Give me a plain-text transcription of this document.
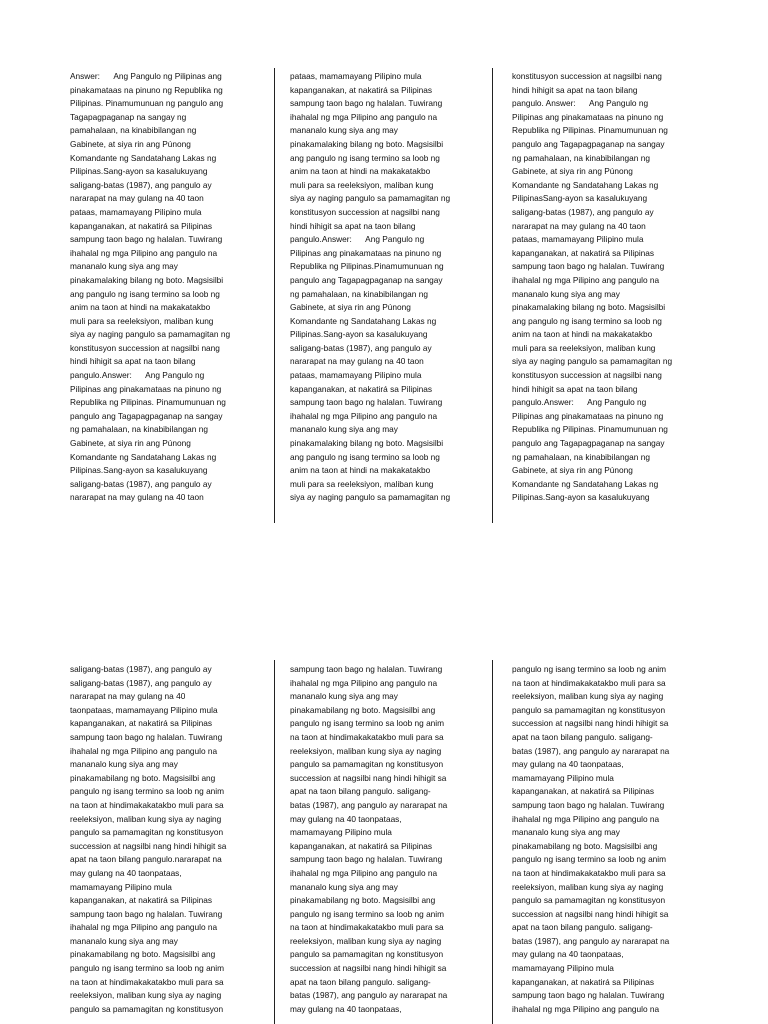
Answer:      Ang Pangulo ng Pilipinas ang
pinakamataas na pinuno ng Republika ng
Pilipinas. Pinamumunuan ng pangulo ang
Tagapagpaganap na sangay ng
pamahalaan, na kinabibilangan ng
Gabinete, at siya rin ang Púnong
Komandante ng Sandatahang Lakas ng
Pilipinas.Sang-ayon sa kasalukuyang
saligang-batas (1987), ang pangulo ay
nararapat na may gulang na 40 taon
pataas, mamamayang Pilipino mula
kapanganakan, at nakatirá sa Pilipinas
sampung taon bago ng halalan. Tuwirang
ihahalal ng mga Pilipino ang pangulo na
mananalo kung siya ang may
pinakamalaking bilang ng boto. Magsisilbi
ang pangulo ng isang termino sa loob ng
anim na taon at hindi na makakatakbo
muli para sa reeleksiyon, maliban kung
siya ay naging pangulo sa pamamagitan ng
konstitusyon succession at nagsilbi nang
hindi hihigit sa apat na taon bilang
pangulo.Answer:      Ang Pangulo ng
Pilipinas ang pinakamataas na pinuno ng
Republika ng Pilipinas. Pinamumunuan ng
pangulo ang Tagapagpaganap na sangay
ng pamahalaan, na kinabibilangan ng
Gabinete, at siya rin ang Púnong
Komandante ng Sandatahang Lakas ng
Pilipinas.Sang-ayon sa kasalukuyang
saligang-batas (1987), ang pangulo ay
nararapat na may gulang na 40 taon
pataas, mamamayang Pilipino mula
kapanganakan, at nakatirá sa Pilipinas
sampung taon bago ng halalan. Tuwirang
ihahalal ng mga Pilipino ang pangulo na
mananalo kung siya ang may
pinakamalaking bilang ng boto. Magsisilbi
ang pangulo ng isang termino sa loob ng
anim na taon at hindi na makakatakbo
muli para sa reeleksiyon, maliban kung
siya ay naging pangulo sa pamamagitan ng
konstitusyon succession at nagsilbi nang
hindi hihigit sa apat na taon bilang
pangulo.Answer:      Ang Pangulo ng
Pilipinas ang pinakamataas na pinuno ng
Republika ng Pilipinas.Pinamumunuan ng
pangulo ang Tagapagpaganap na sangay
ng pamahalaan, na kinabibilangan ng
Gabinete, at siya rin ang Púnong
Komandante ng Sandatahang Lakas ng
Pilipinas.Sang-ayon sa kasalukuyang
saligang-batas (1987), ang pangulo ay
nararapat na may gulang na 40 taon
pataas, mamamayang Pilipino mula
kapanganakan, at nakatirá sa Pilipinas
sampung taon bago ng halalan. Tuwirang
ihahalal ng mga Pilipino ang pangulo na
mananalo kung siya ang may
pinakamalaking bilang ng boto. Magsisilbi
ang pangulo ng isang termino sa loob ng
anim na taon at hindi na makakatakbo
muli para sa reeleksiyon, maliban kung
siya ay naging pangulo sa pamamagitan ng
konstitusyon succession at nagsilbi nang
hindi hihigit sa apat na taon bilang
pangulo. Answer:      Ang Pangulo ng
Pilipinas ang pinakamataas na pinuno ng
Republika ng Pilipinas. Pinamumunuan ng
pangulo ang Tagapagpaganap na sangay
ng pamahalaan, na kinabibilangan ng
Gabinete, at siya rin ang Púnong
Komandante ng Sandatahang Lakas ng
PilipinasSang-ayon sa kasalukuyang
saligang-batas (1987), ang pangulo ay
nararapat na may gulang na 40 taon
pataas, mamamayang Pilipino mula
kapanganakan, at nakatirá sa Pilipinas
sampung taon bago ng halalan. Tuwirang
ihahalal ng mga Pilipino ang pangulo na
mananalo kung siya ang may
pinakamalaking bilang ng boto. Magsisilbi
ang pangulo ng isang termino sa loob ng
anim na taon at hindi na makakatakbo
muli para sa reeleksiyon, maliban kung
siya ay naging pangulo sa pamamagitan ng
konstitusyon succession at nagsilbi nang
hindi hihigit sa apat na taon bilang
pangulo.Answer:      Ang Pangulo ng
Pilipinas ang pinakamataas na pinuno ng
Republika ng Pilipinas. Pinamumunuan ng
pangulo ang Tagapagpaganap na sangay
ng pamahalaan, na kinabibilangan ng
Gabinete, at siya rin ang Púnong
Komandante ng Sandatahang Lakas ng
Pilipinas.Sang-ayon sa kasalukuyang
saligang-batas (1987), ang pangulo ay
saligang-batas (1987), ang pangulo ay
nararapat na may gulang na 40
taonpataas, mamamayang Pilipino mula
kapanganakan, at nakatirá sa Pilipinas
sampung taon bago ng halalan. Tuwirang
ihahalal ng mga Pilipino ang pangulo na
mananalo kung siya ang may
pinakamabilang ng boto. Magsisilbi ang
pangulo ng isang termino sa loob ng anim
na taon at hindimakakatakbo muli para sa
reeleksiyon, maliban kung siya ay naging
pangulo sa pamamagitan ng konstitusyon
succession at nagsilbi nang hindi hihigit sa
apat na taon bilang pangulo.nararapat na
may gulang na 40 taonpataas,
mamamayang Pilipino mula
kapanganakan, at nakatirá sa Pilipinas
sampung taon bago ng halalan. Tuwirang
ihahalal ng mga Pilipino ang pangulo na
mananalo kung siya ang may
pinakamabilang ng boto. Magsisilbi ang
pangulo ng isang termino sa loob ng anim
na taon at hindimakakatakbo muli para sa
reeleksiyon, maliban kung siya ay naging
pangulo sa pamamagitan ng konstitusyon
sampung taon bago ng halalan. Tuwirang
ihahalal ng mga Pilipino ang pangulo na
mananalo kung siya ang may
pinakamabilang ng boto. Magsisilbi ang
pangulo ng isang termino sa loob ng anim
na taon at hindimakakatakbo muli para sa
reeleksiyon, maliban kung siya ay naging
pangulo sa pamamagitan ng konstitusyon
succession at nagsilbi nang hindi hihigit sa
apat na taon bilang pangulo. saligang-
batas (1987), ang pangulo ay nararapat na
may gulang na 40 taonpataas,
mamamayang Pilipino mula
kapanganakan, at nakatirá sa Pilipinas
sampung taon bago ng halalan. Tuwirang
ihahalal ng mga Pilipino ang pangulo na
mananalo kung siya ang may
pinakamabilang ng boto. Magsisilbi ang
pangulo ng isang termino sa loob ng anim
na taon at hindimakakatakbo muli para sa
reeleksiyon, maliban kung siya ay naging
pangulo sa pamamagitan ng konstitusyon
succession at nagsilbi nang hindi hihigit sa
apat na taon bilang pangulo. saligang-
batas (1987), ang pangulo ay nararapat na
may gulang na 40 taonpataas,
pangulo ng isang termino sa loob ng anim
na taon at hindimakakatakbo muli para sa
reeleksiyon, maliban kung siya ay naging
pangulo sa pamamagitan ng konstitusyon
succession at nagsilbi nang hindi hihigit sa
apat na taon bilang pangulo. saligang-
batas (1987), ang pangulo ay nararapat na
may gulang na 40 taonpataas,
mamamayang Pilipino mula
kapanganakan, at nakatirá sa Pilipinas
sampung taon bago ng halalan. Tuwirang
ihahalal ng mga Pilipino ang pangulo na
mananalo kung siya ang may
pinakamabilang ng boto. Magsisilbi ang
pangulo ng isang termino sa loob ng anim
na taon at hindimakakatakbo muli para sa
reeleksiyon, maliban kung siya ay naging
pangulo sa pamamagitan ng konstitusyon
succession at nagsilbi nang hindi hihigit sa
apat na taon bilang pangulo. saligang-
batas (1987), ang pangulo ay nararapat na
may gulang na 40 taonpataas,
mamamayang Pilipino mula
kapanganakan, at nakatirá sa Pilipinas
sampung taon bago ng halalan. Tuwirang
ihahalal ng mga Pilipino ang pangulo na
